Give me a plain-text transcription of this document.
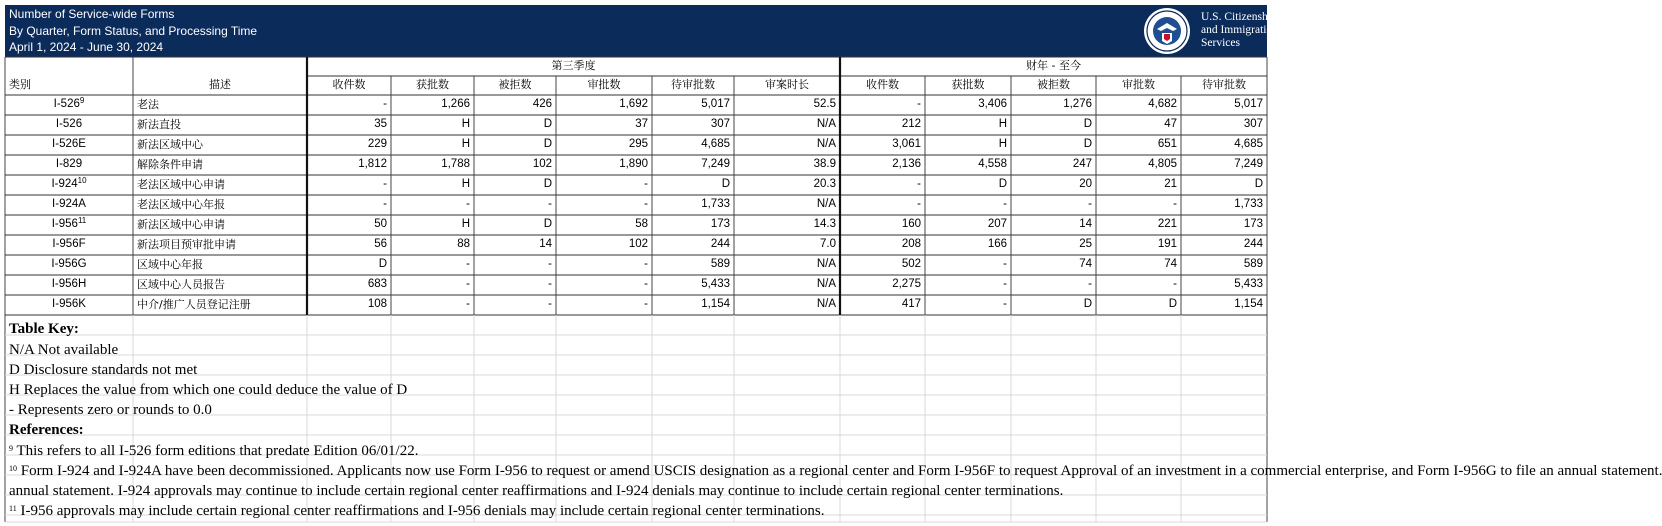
Number of Service-wide Forms
By Quarter, Form Status, and Processing Time
April 1, 2024 - June 30, 2024
U.S. Citizenship
and Immigration
Services
第三季度	财年 - 至今
类别	描述	收件数	获批数	被拒数	审批数	待审批数	审案时长	收件数	获批数	被拒数	审批数	待审批数
$I-526^9$	老法	-	1,266	426	1,692	5,017	52.5	-	3,406	1,276	4,682	5,017
I-526	新法直投	35	H	D	37	307	N/A	212	H	D	47	307
I-526E	新法区域中心	229	H	D	295	4,685	N/A	3,061	H	D	651	4,685
I-829	解除条件申请	1,812	1,788	102	1,890	7,249	38.9	2,136	4,558	247	4,805	7,249
$I-924^{10}$	老法区域中心申请	-	H	D	-	D	20.3	-	D	20	21	D
I-924A	老法区域中心年报	-	-	-	-	1,733	N/A	-	-	-	-	1,733
$I-956^{11}$	新法区域中心申请	50	H	D	58	173	14.3	160	207	14	221	173
I-956F	新法项目预审批申请	56	88	14	102	244	7.0	208	166	25	191	244
I-956G	区域中心年报	D	-	-	-	589	N/A	502	-	74	74	589
I-956H	区域中心人员报告	683	-	-	-	5,433	N/A	2,275	-	-	-	5,433
I-956K	中介/推广人员登记注册	108	-	-	-	1,154	N/A	417	-	D	D	1,154
Table Key:
N/A Not available
D Disclosure standards not met
H Replaces the value from which one could deduce the value of D
- Represents zero or rounds to 0.0
References:
$^9$ This refers to all I-526 form editions that predate Edition 06/01/22.
$^{10}$ Form I-924 and I-924A have been decommissioned. Applicants now use Form I-956 to request or amend USCIS designation as a regional center and Form I-956F to request Approval of an investment in a commercial enterprise, and Form I-956G to file an annual statement.
annual statement. I-924 approvals may continue to include certain regional center reaffirmations and I-924 denials may continue to include certain regional center terminations.
$^{11}$ I-956 approvals may include certain regional center reaffirmations and I-956 denials may include certain regional center terminations.
